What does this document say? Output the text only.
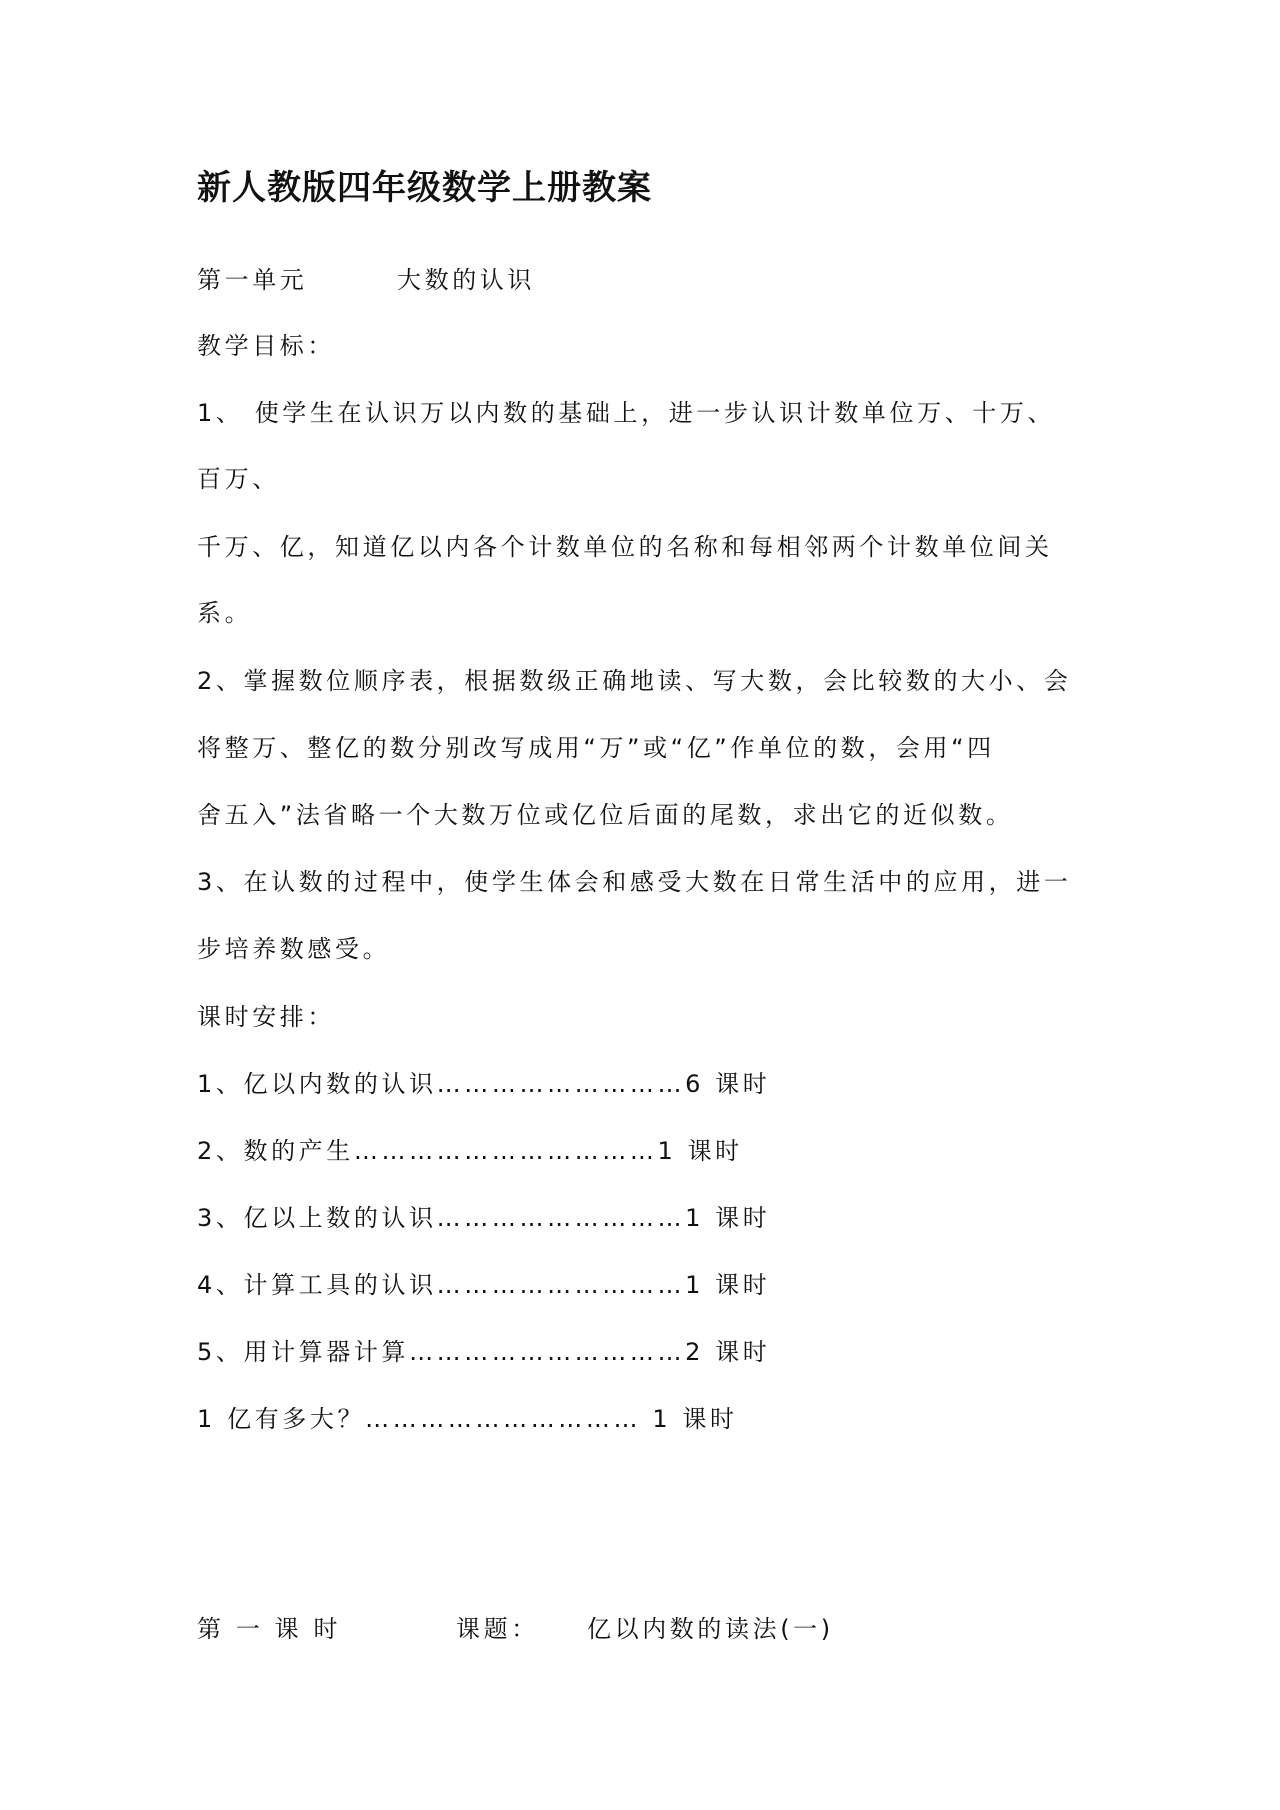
新人教版四年级数学上册教案
第一单元	大数的认识
教学目标：
1、 使学生在认识万以内数的基础上，进一步认识计数单位万、十万、
百万、
千万、亿，知道亿以内各个计数单位的名称和每相邻两个计数单位间关
系。
2、掌握数位顺序表，根据数级正确地读、写大数，会比较数的大小、会
将整万、整亿的数分别改写成用“万”或“亿”作单位的数，会用“四
舍五入”法省略一个大数万位或亿位后面的尾数，求出它的近似数。
3、在认数的过程中，使学生体会和感受大数在日常生活中的应用，进一
步培养数感受。
课时安排：
1、亿以内数的认识………………………6 课时
2、数的产生……………………………1 课时
3、亿以上数的认识………………………1 课时
4、计算工具的认识………………………1 课时
5、用计算器计算…………………………2 课时
1 亿有多大？………………………… 1 课时
第 一 课 时	课题： 亿以内数的读法(一)
